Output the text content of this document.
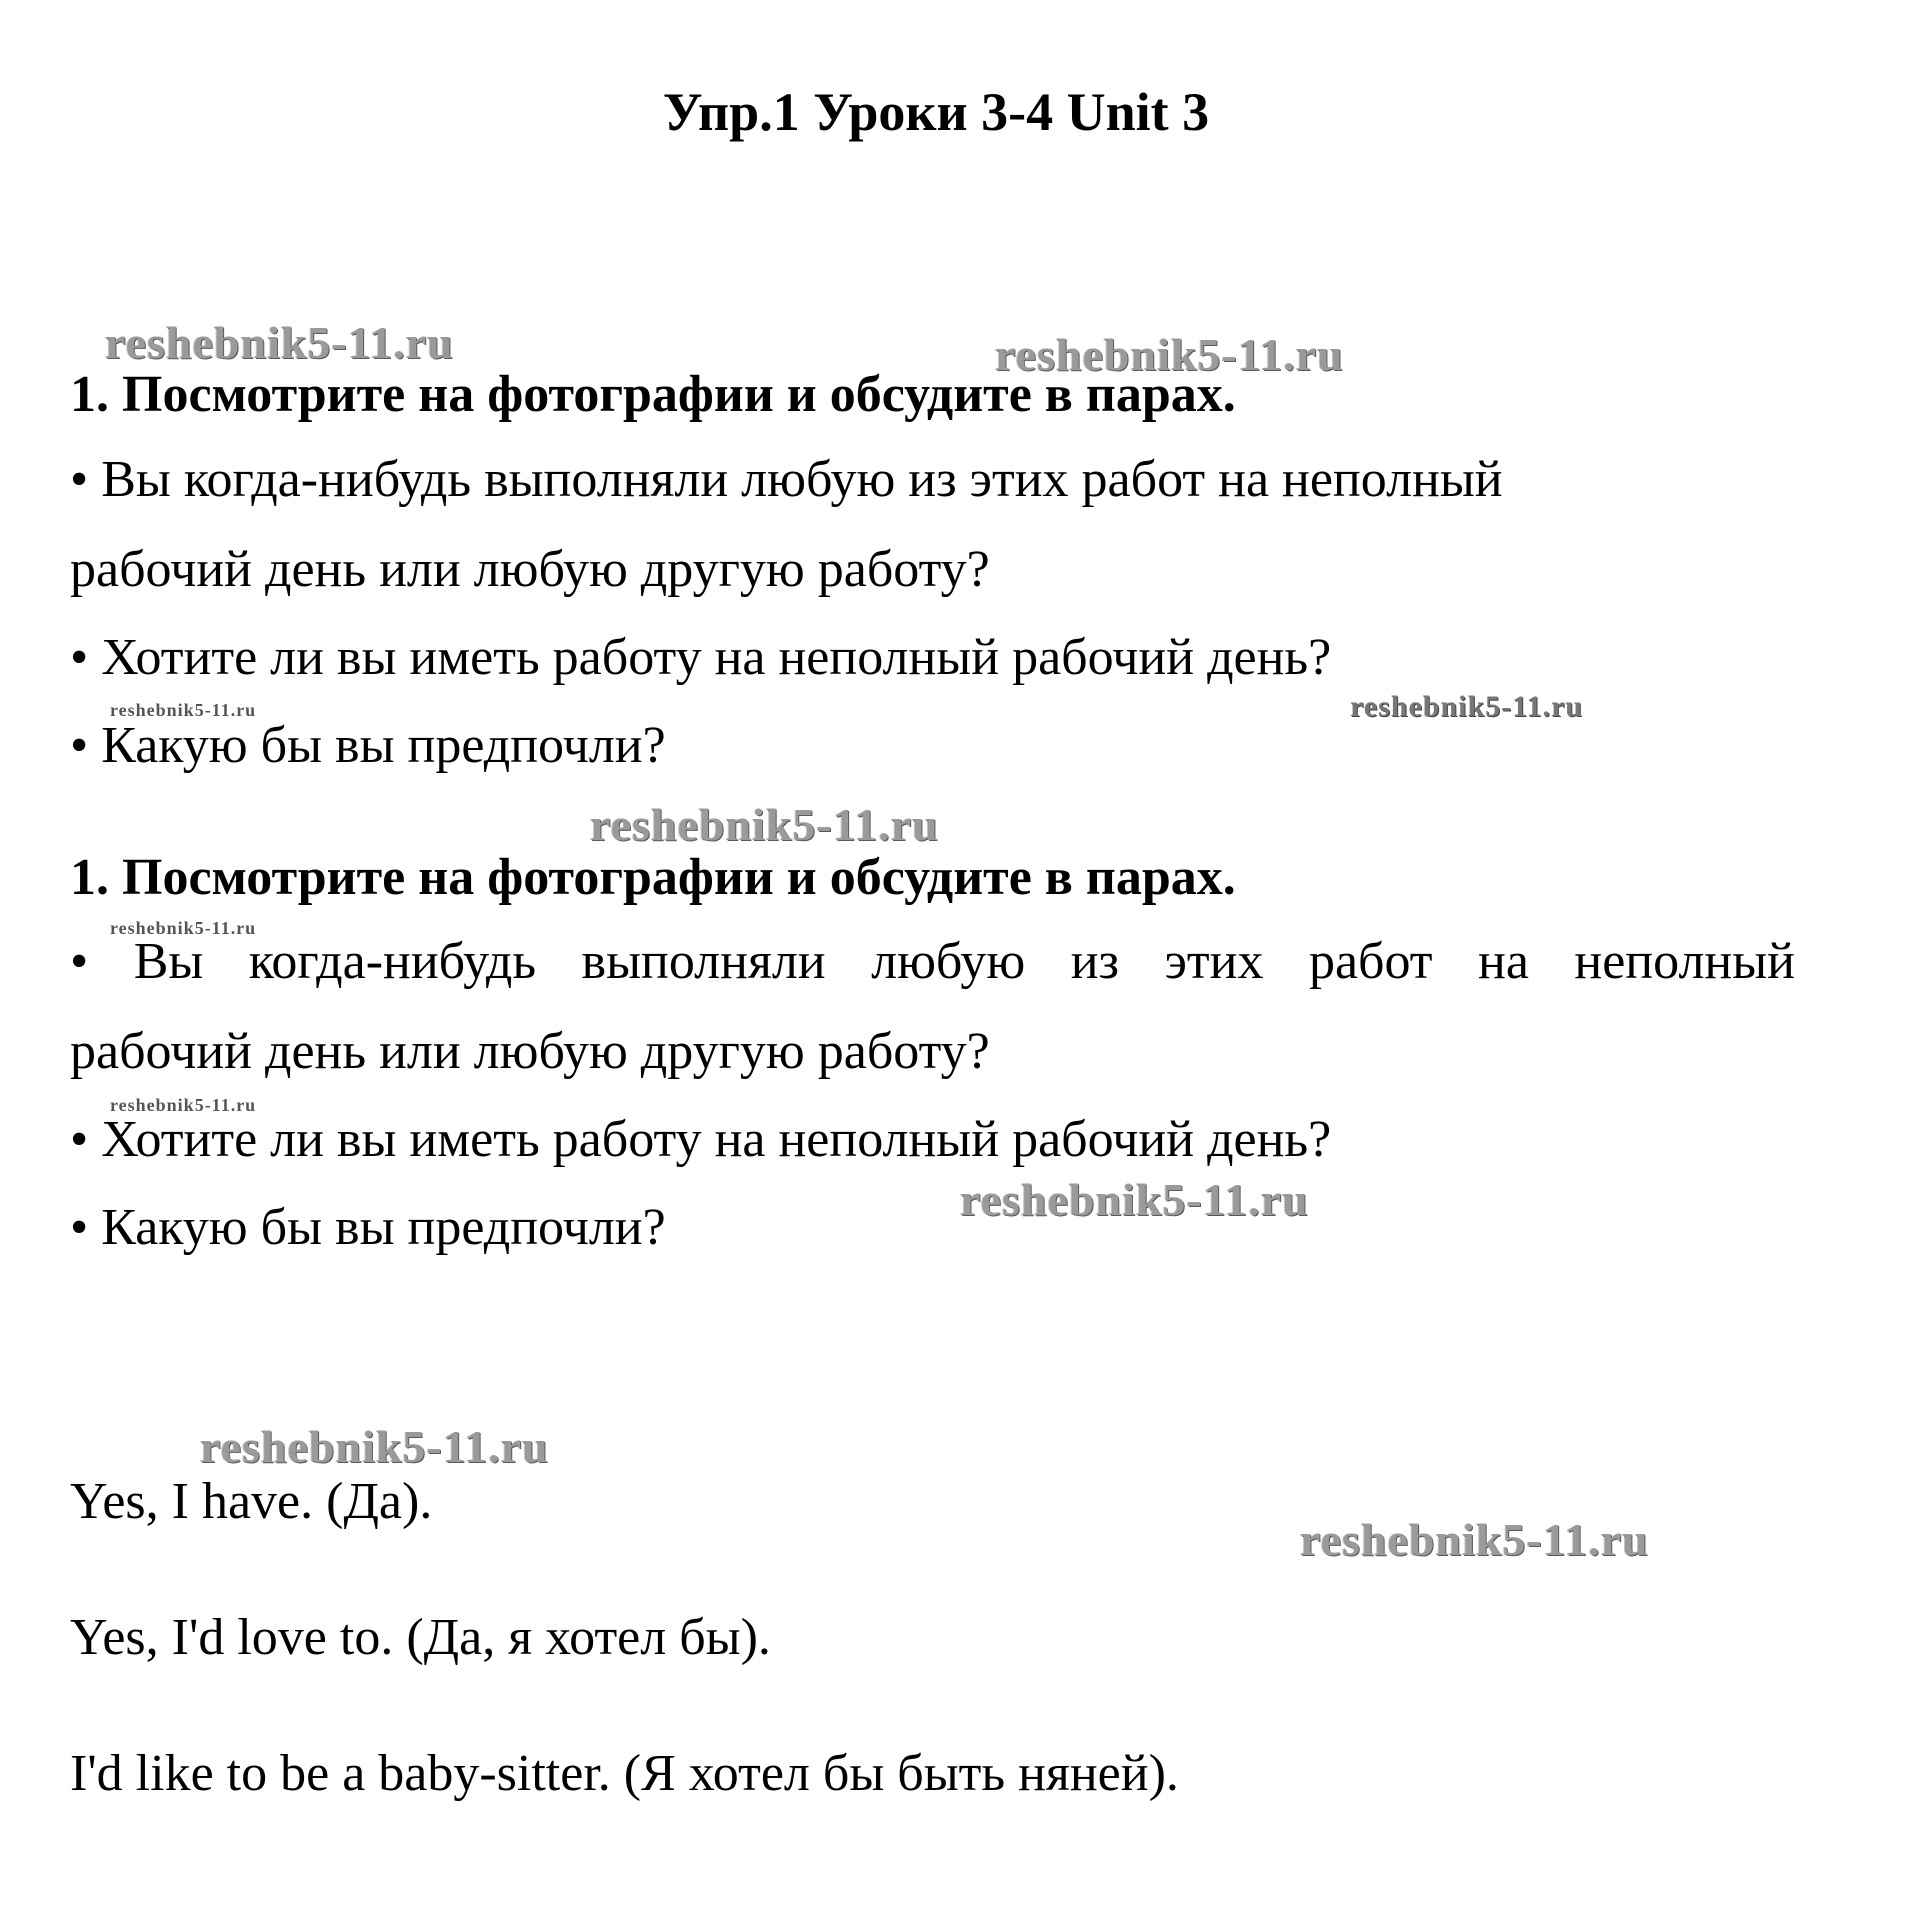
Упр.1 Уроки 3-4 Unit 3
reshebnik5-11.ru	reshebnik5-11.ru
reshebnik5-11.ru	reshebnik5-11.ru
reshebnik5-11.ru
reshebnik5-11.ru
reshebnik5-11.ru
reshebnik5-11.ru
reshebnik5-11.ru
reshebnik5-11.ru

1. Посмотрите на фотографии и обсудите в парах.

• Вы когда-нибудь выполняли любую из этих работ на неполный

рабочий день или любую другую работу?

• Хотите ли вы иметь работу на неполный рабочий день?

• Какую бы вы предпочли?

1. Посмотрите на фотографии и обсудите в парах.

• Вы когда-нибудь выполняли любую из этих работ на неполный

рабочий день или любую другую работу?

• Хотите ли вы иметь работу на неполный рабочий день?

• Какую бы вы предпочли?

Yes, I have. (Да).

Yes, I'd love to. (Да, я хотел бы).

I'd like to be a baby-sitter. (Я хотел бы быть няней).
